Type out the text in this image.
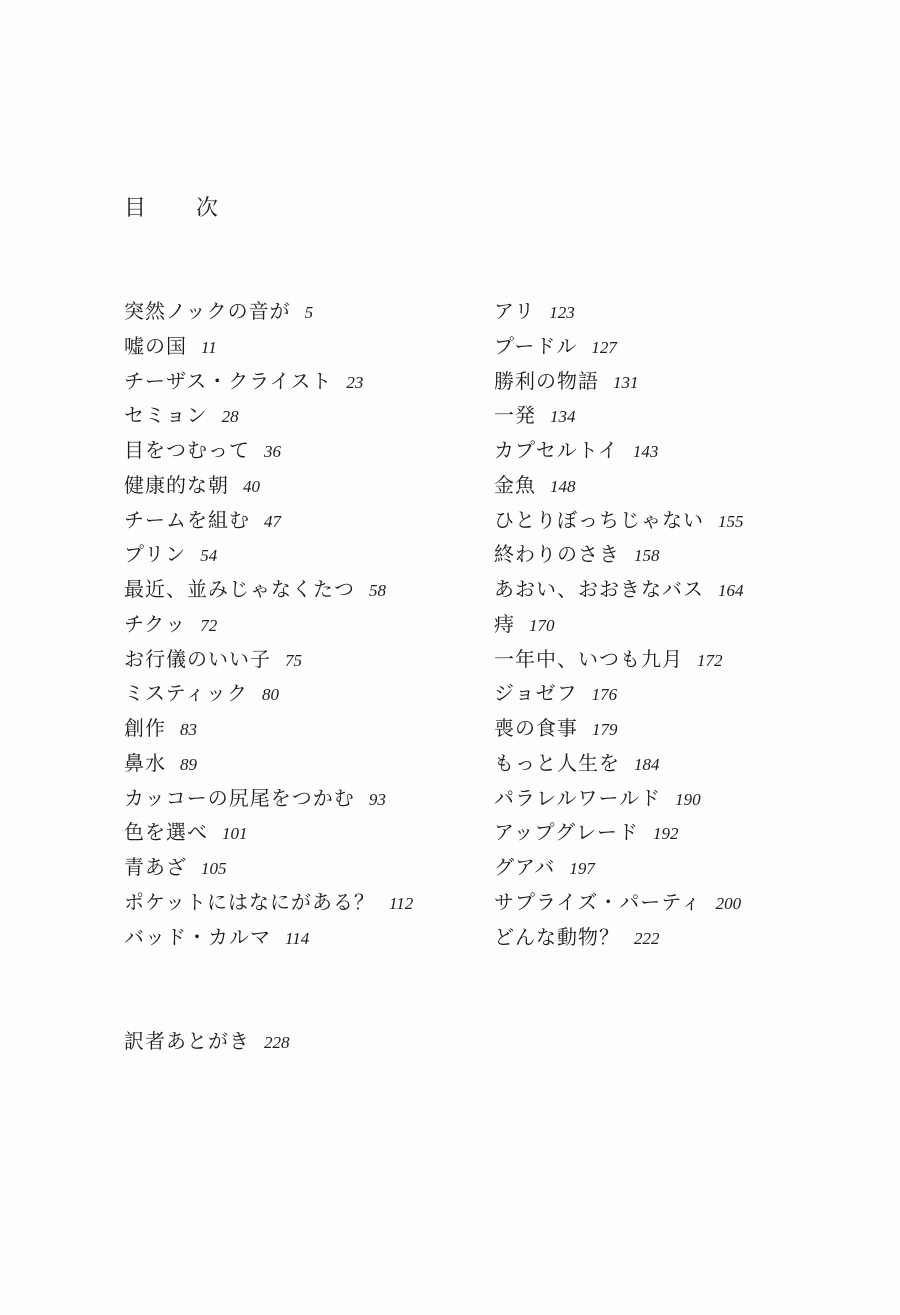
目　次
突然ノックの音が 5
嘘の国 11
チーザス・クライスト 23
セミョン 28
目をつむって 36
健康的な朝 40
チームを組む 47
プリン 54
最近、並みじゃなくたつ 58
チクッ 72
お行儀のいい子 75
ミスティック 80
創作 83
鼻水 89
カッコーの尻尾をつかむ 93
色を選べ 101
青あざ 105
ポケットにはなにがある？ 112
バッド・カルマ 114
アリ 123
プードル 127
勝利の物語 131
一発 134
カプセルトイ 143
金魚 148
ひとりぼっちじゃない 155
終わりのさき 158
あおい、おおきなバス 164
痔 170
一年中、いつも九月 172
ジョゼフ 176
喪の食事 179
もっと人生を 184
パラレルワールド 190
アップグレード 192
グアバ 197
サプライズ・パーティ 200
どんな動物？ 222
訳者あとがき 228
